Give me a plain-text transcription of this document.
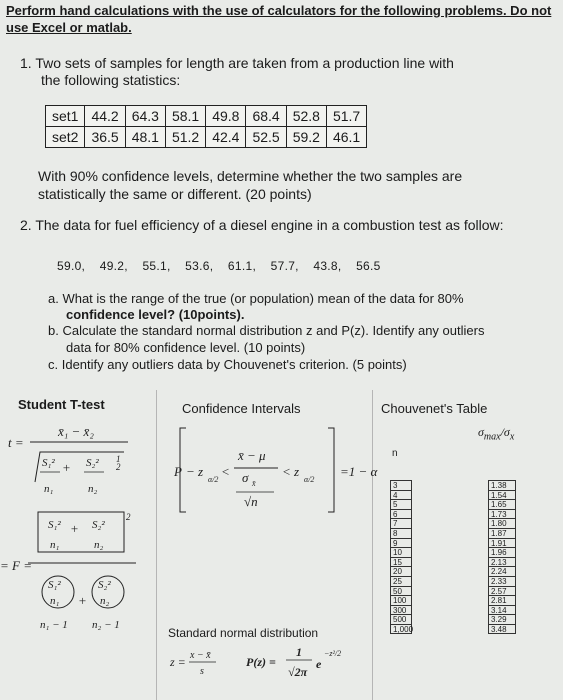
Perform hand calculations with the use of calculators for the following problems. Do not
use Excel or matlab.
1. Two sets of samples for length are taken from a production line with
the following statistics:
set1	44.2	64.3	58.1	49.8	68.4	52.8	51.7
set2	36.5	48.1	51.2	42.4	52.5	59.2	46.1
With 90% confidence levels, determine whether the two samples are
statistically the same or different. (20 points)
2. The data for fuel efficiency of a diesel engine in a combustion test as follow:
59.0,    49.2,    55.1,    53.6,    61.1,    57.7,    43.8,    56.5
a. What is the range of the true (or population) mean of the data for 80%
confidence level? (10points).
b. Calculate the standard normal distribution z and P(z). Identify any outliers
data for 80% confidence level. (10 points)
c. Identify any outliers data by Chouvenet's criterion. (5 points)
Student T-test	Confidence Intervals	Chouvenet's Table
t =
x̄₁ − x̄₂
S₁² + S₂²
n₁	n₂
1
2
= F =
S₁² + S₂²
n₁	n₂
2
S₁²	S₂²
n₁	n₂
+
n₁ − 1 n₂ − 1
P − z
α/2
<
x̄ − μ
σ x̄
√n
< z
α/2
=1 − α
Standard normal distribution
z = x − x̄
s
P(z) =
1
√2π
e
−z²/2
$\sigma_{max}/\sigma_x$
n
3	1.38
4	1.54
5	1.65
6	1.73
7	1.80
8	1.87
9	1.91
10	1.96
15	2.13
20	2.24
25	2.33
50	2.57
100	2.81
300	3.14
500	3.29
1,000	3.48
